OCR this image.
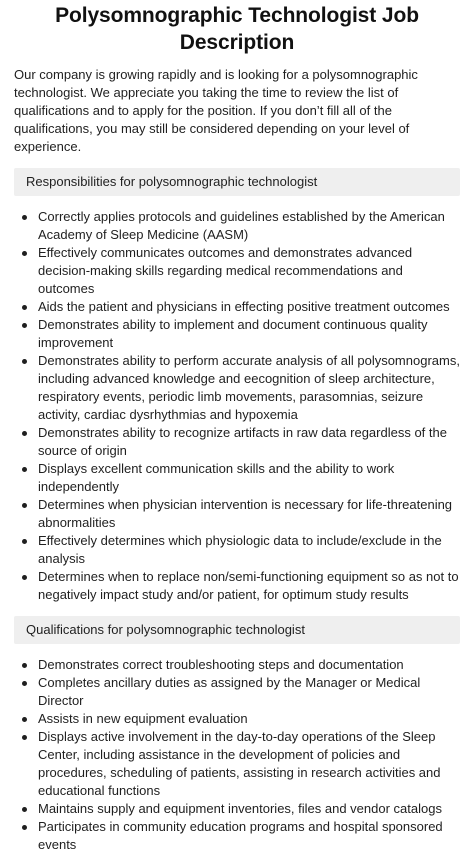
Polysomnographic Technologist Job Description

Our company is growing rapidly and is looking for a polysomnographic technologist. We appreciate you taking the time to review the list of qualifications and to apply for the position. If you don’t fill all of the qualifications, you may still be considered depending on your level of experience.

Responsibilities for polysomnographic technologist
Correctly applies protocols and guidelines established by the American Academy of Sleep Medicine (AASM)
Effectively communicates outcomes and demonstrates advanced decision-making skills regarding medical recommendations and outcomes
Aids the patient and physicians in effecting positive treatment outcomes
Demonstrates ability to implement and document continuous quality improvement
Demonstrates ability to perform accurate analysis of all polysomnograms, including advanced knowledge and eecognition of sleep architecture, respiratory events, periodic limb movements, parasomnias, seizure activity, cardiac dysrhythmias and hypoxemia
Demonstrates ability to recognize artifacts in raw data regardless of the source of origin
Displays excellent communication skills and the ability to work independently
Determines when physician intervention is necessary for life-threatening abnormalities
Effectively determines which physiologic data to include/exclude in the analysis
Determines when to replace non/semi-functioning equipment so as not to negatively impact study and/or patient, for optimum study results
Qualifications for polysomnographic technologist
Demonstrates correct troubleshooting steps and documentation
Completes ancillary duties as assigned by the Manager or Medical Director
Assists in new equipment evaluation
Displays active involvement in the day-to-day operations of the Sleep Center, including assistance in the development of policies and procedures, scheduling of patients, assisting in research activities and educational functions
Maintains supply and equipment inventories, files and vendor catalogs
Participates in community education programs and hospital sponsored events
